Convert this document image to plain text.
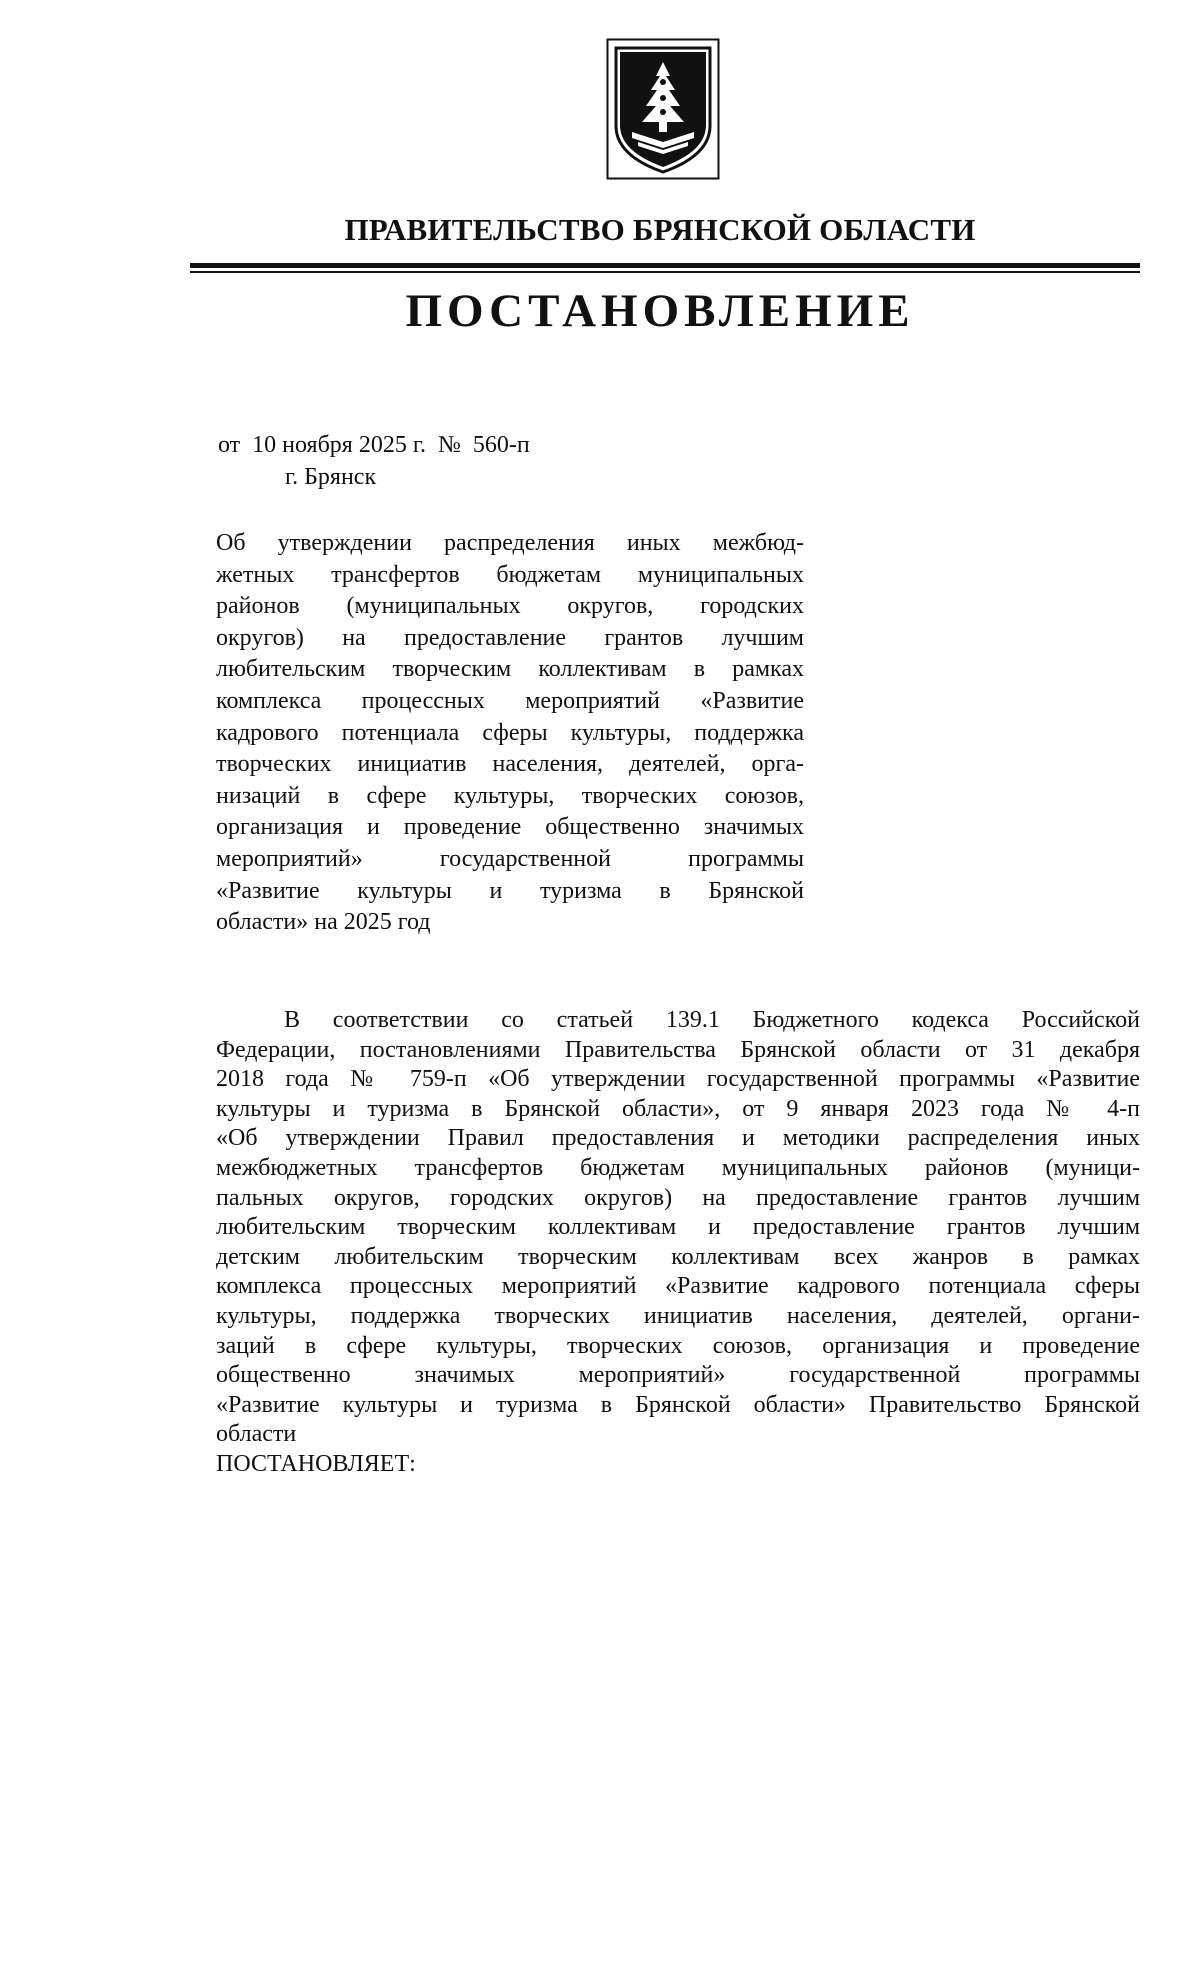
ПРАВИТЕЛЬСТВО БРЯНСКОЙ ОБЛАСТИ
ПОСТАНОВЛЕНИЕ
от 10 ноября 2025 г. № 560-п
г. Брянск
Об утверждении распределения иных межбюд-
жетных трансфертов бюджетам муниципальных
районов (муниципальных округов, городских
округов) на предоставление грантов лучшим
любительским творческим коллективам в рамках
комплекса процессных мероприятий «Развитие
кадрового потенциала сферы культуры, поддержка
творческих инициатив населения, деятелей, орга-
низаций в сфере культуры, творческих союзов,
организация и проведение общественно значимых
мероприятий» государственной программы
«Развитие культуры и туризма в Брянской
области» на 2025 год
В соответствии со статьей 139.1 Бюджетного кодекса Российской
Федерации, постановлениями Правительства Брянской области от 31 декабря
2018 года № 759-п «Об утверждении государственной программы «Развитие
культуры и туризма в Брянской области», от 9 января 2023 года № 4-п
«Об утверждении Правил предоставления и методики распределения иных
межбюджетных трансфертов бюджетам муниципальных районов (муници-
пальных округов, городских округов) на предоставление грантов лучшим
любительским творческим коллективам и предоставление грантов лучшим
детским любительским творческим коллективам всех жанров в рамках
комплекса процессных мероприятий «Развитие кадрового потенциала сферы
культуры, поддержка творческих инициатив населения, деятелей, органи-
заций в сфере культуры, творческих союзов, организация и проведение
общественно значимых мероприятий» государственной программы
«Развитие культуры и туризма в Брянской области» Правительство Брянской
области
ПОСТАНОВЛЯЕТ:
